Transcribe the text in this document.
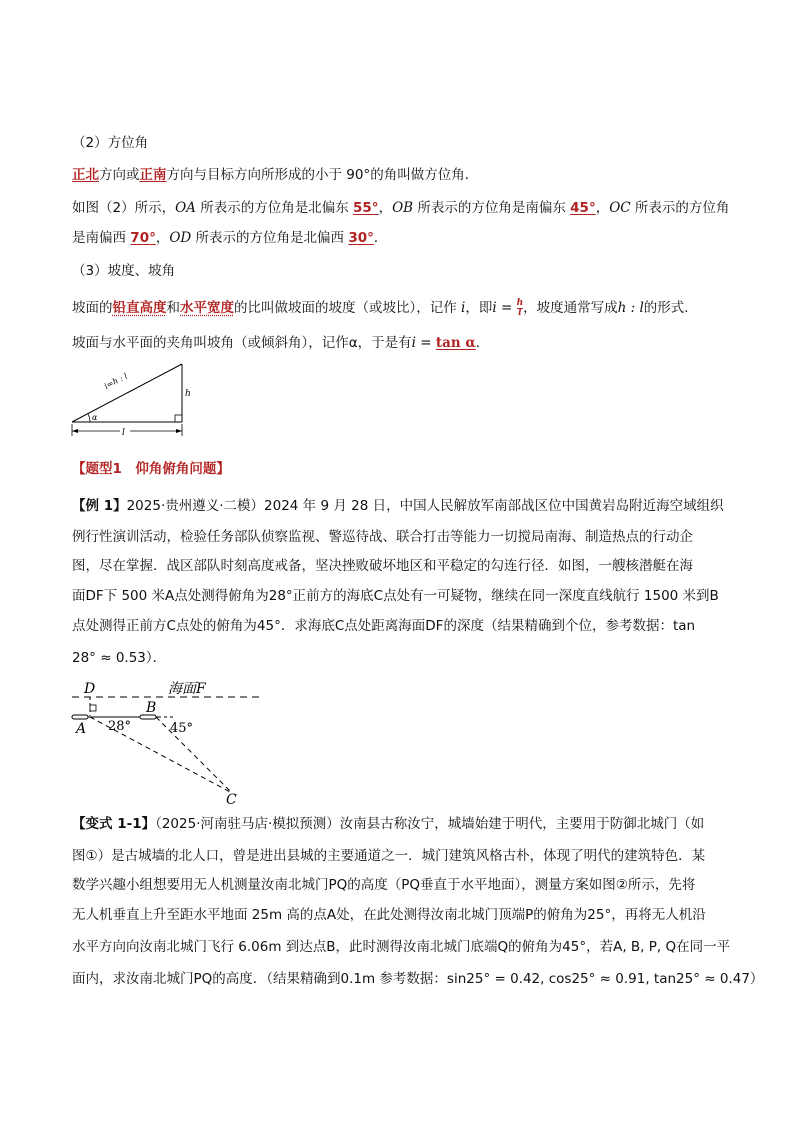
（2）方位角
正北方向或正南方向与目标方向所形成的小于 90°的角叫做方位角．
如图（2）所示，OA 所表示的方位角是北偏东 55°，OB 所表示的方位角是南偏东 45°，OC 所表示的方位角
是南偏西 70°，OD 所表示的方位角是北偏西 30°．
（3）坡度、坡角
坡面的铅直高度和水平宽度的比叫做坡面的坡度（或坡比），记作 i，即$i = \frac{h}{l}$ ，坡度通常写成h : l的形式．
坡面与水平面的夹角叫坡角（或倾斜角），记作α，于是有i = tan α．
i=h : l
h
α
l
【题型1　仰角俯角问题】
【例 1】2025·贵州遵义·二模）2024 年 9 月 28 日，中国人民解放军南部战区位中国黄岩岛附近海空域组织
例行性演训活动，检验任务部队侦察监视、警巡待战、联合打击等能力一切搅局南海、制造热点的行动企
图，尽在掌握．战区部队时刻高度戒备，坚决挫败破坏地区和平稳定的勾连行径．如图，一艘核潜艇在海
面DF下 500 米A点处测得俯角为28°正前方的海底C点处有一可疑物，继续在同一深度直线航行 1500 米到B
点处测得正前方C点处的俯角为45°．求海底C点处距离海面DF的深度（结果精确到个位，参考数据：tan
28° ≈ 0.53）．
D	海面F
A
B
28°	45°
C
【变式 1-1】（2025·河南驻马店·模拟预测）汝南县古称汝宁，城墙始建于明代，主要用于防御北城门（如
图①）是古城墙的北人口，曾是进出县城的主要通道之一．城门建筑风格古朴，体现了明代的建筑特色．某
数学兴趣小组想要用无人机测量汝南北城门PQ的高度（PQ垂直于水平地面），测量方案如图②所示，先将
无人机垂直上升至距水平地面 25m 高的点A处，在此处测得汝南北城门顶端P的俯角为25°，再将无人机沿
水平方向向汝南北城门飞行 6.06m 到达点B，此时测得汝南北城门底端Q的俯角为45°，若A, B, P, Q在同一平
面内，求汝南北城门PQ的高度．（结果精确到0.1m 参考数据：sin25° = 0.42, cos25° ≈ 0.91, tan25° ≈ 0.47）
